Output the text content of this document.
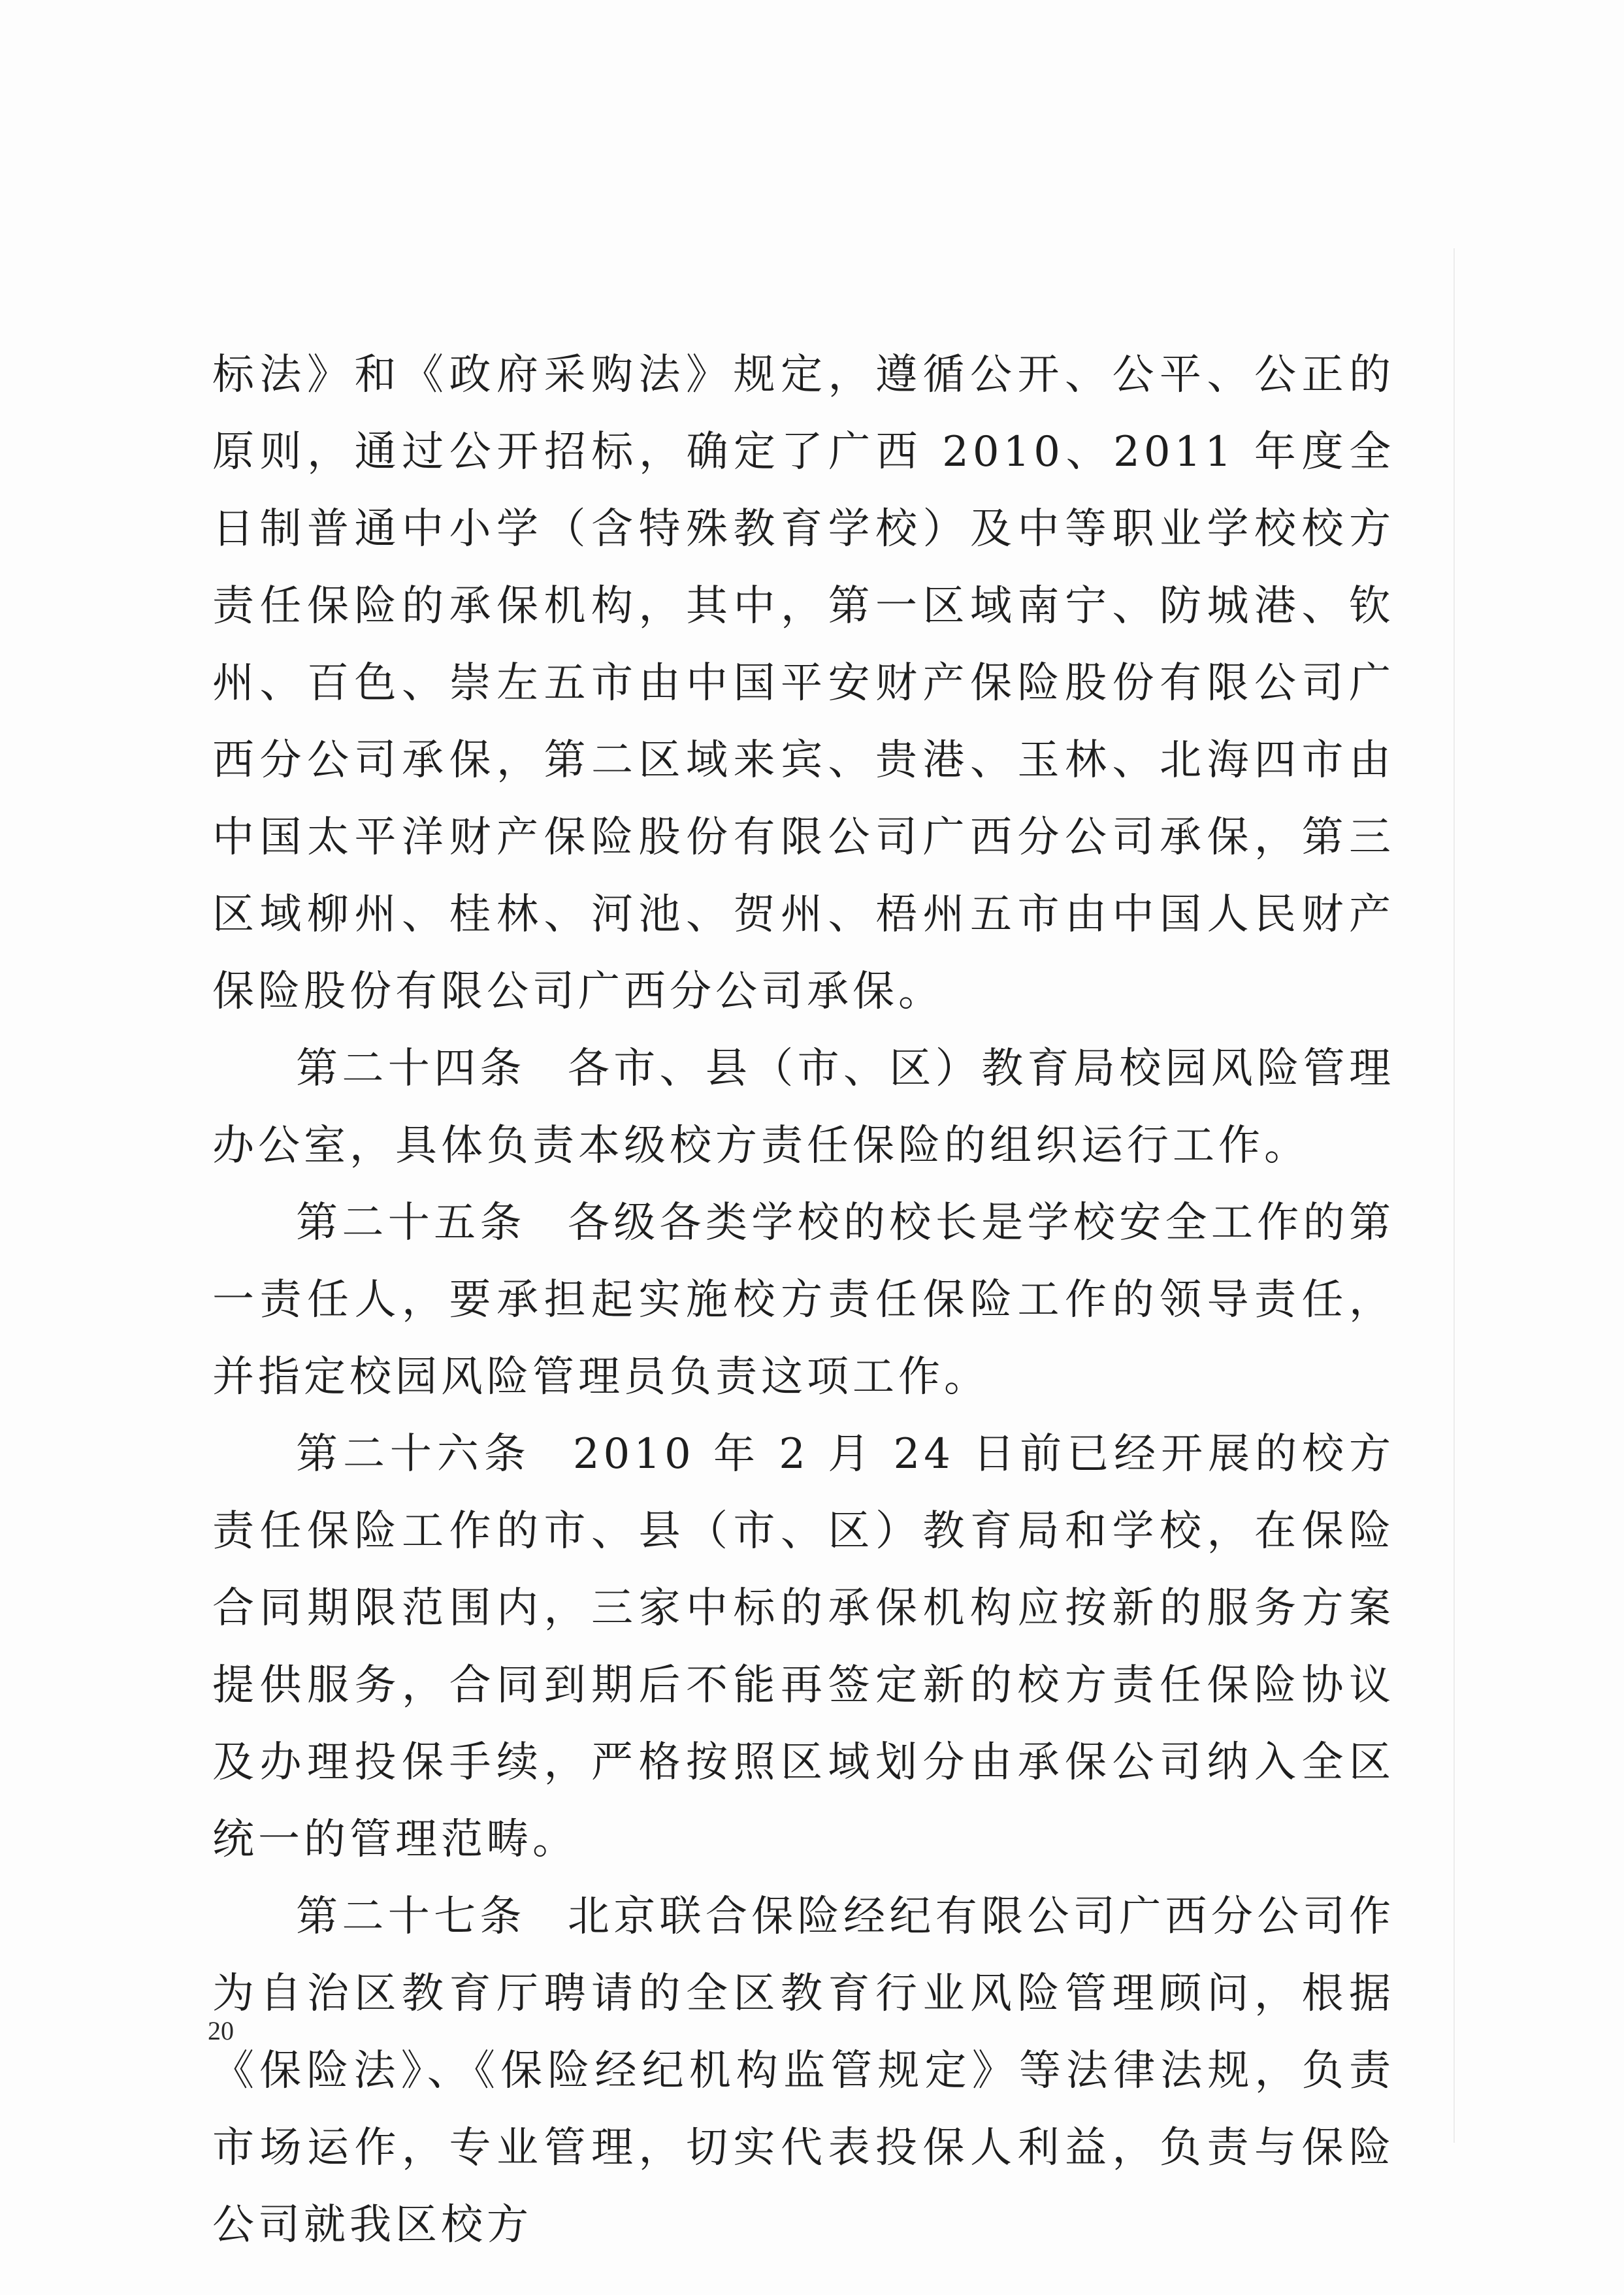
标法》和《政府采购法》规定，遵循公开、公平、公正的原则，通过公开招标，确定了广西 2010、2011 年度全日制普通中小学（含特殊教育学校）及中等职业学校校方责任保险的承保机构，其中，第一区域南宁、防城港、钦州、百色、崇左五市由中国平安财产保险股份有限公司广西分公司承保，第二区域来宾、贵港、玉林、北海四市由中国太平洋财产保险股份有限公司广西分公司承保，第三区域柳州、桂林、河池、贺州、梧州五市由中国人民财产保险股份有限公司广西分公司承保。

第二十四条 各市、县（市、区）教育局校园风险管理办公室，具体负责本级校方责任保险的组织运行工作。

第二十五条 各级各类学校的校长是学校安全工作的第一责任人，要承担起实施校方责任保险工作的领导责任，并指定校园风险管理员负责这项工作。

第二十六条 2010 年 2 月 24 日前已经开展的校方责任保险工作的市、县（市、区）教育局和学校，在保险合同期限范围内，三家中标的承保机构应按新的服务方案提供服务，合同到期后不能再签定新的校方责任保险协议及办理投保手续，严格按照区域划分由承保公司纳入全区统一的管理范畴。

第二十七条 北京联合保险经纪有限公司广西分公司作为自治区教育厅聘请的全区教育行业风险管理顾问，根据《保险法》、《保险经纪机构监管规定》等法律法规，负责市场运作，专业管理，切实代表投保人利益，负责与保险公司就我区校方

20
